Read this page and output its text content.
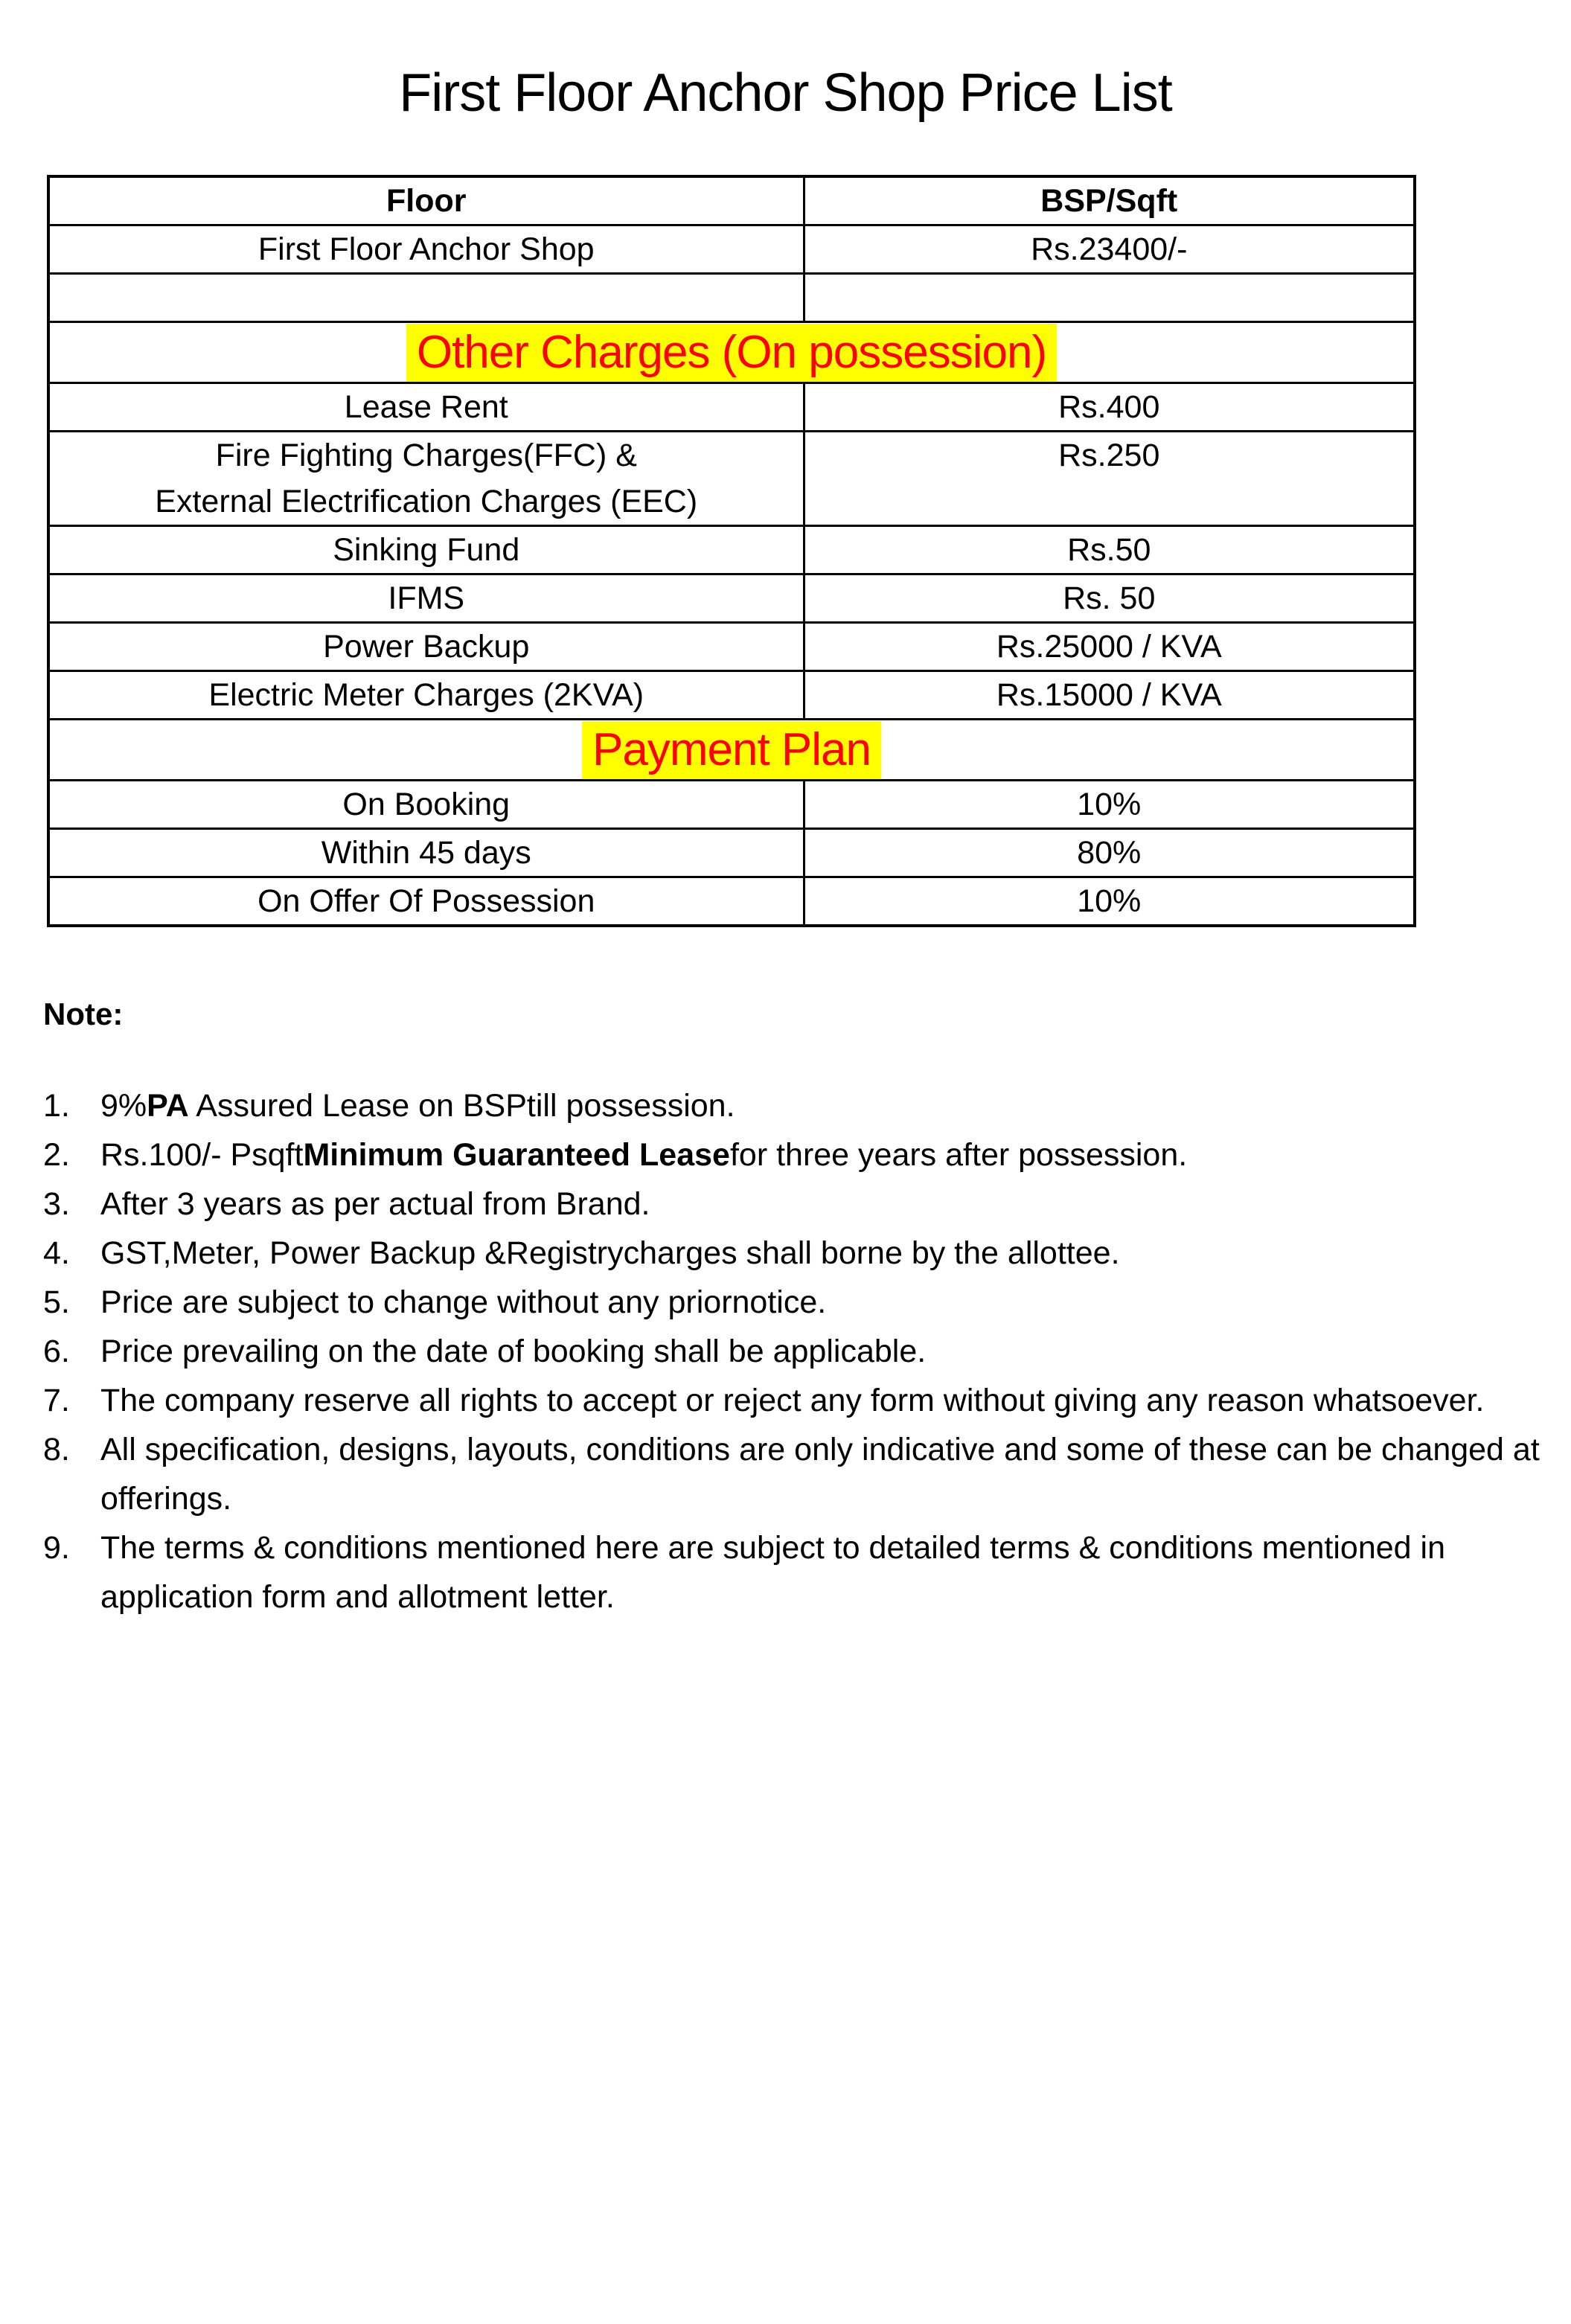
First Floor Anchor Shop Price List
Floor	BSP/Sqft
First Floor Anchor Shop	Rs.23400/-

Other Charges (On possession)	
Lease Rent	Rs.400
Fire Fighting Charges(FFC) &
External Electrification Charges (EEC)	Rs.250
Sinking Fund	Rs.50
IFMS	Rs. 50
Power Backup	Rs.25000 / KVA
Electric Meter Charges (2KVA)	Rs.15000 / KVA
Payment Plan	
On Booking	10%
Within 45 days	80%
On Offer Of Possession	10%
Note:
1. 9%PA Assured Lease on BSPtill possession.
2. Rs.100/- PsqftMinimum Guaranteed Leasefor three years after possession.
3. After 3 years as per actual from Brand.
4. GST,Meter, Power Backup &Registrycharges shall borne by the allottee.
5. Price are subject to change without any priornotice.
6. Price prevailing on the date of booking shall be applicable.
7. The company reserve all rights to accept or reject any form without giving any reason whatsoever.
8. All specification, designs, layouts, conditions are only indicative and some of these can be changed at offerings.
9. The terms & conditions mentioned here are subject to detailed terms & conditions mentioned in application form and allotment letter.
